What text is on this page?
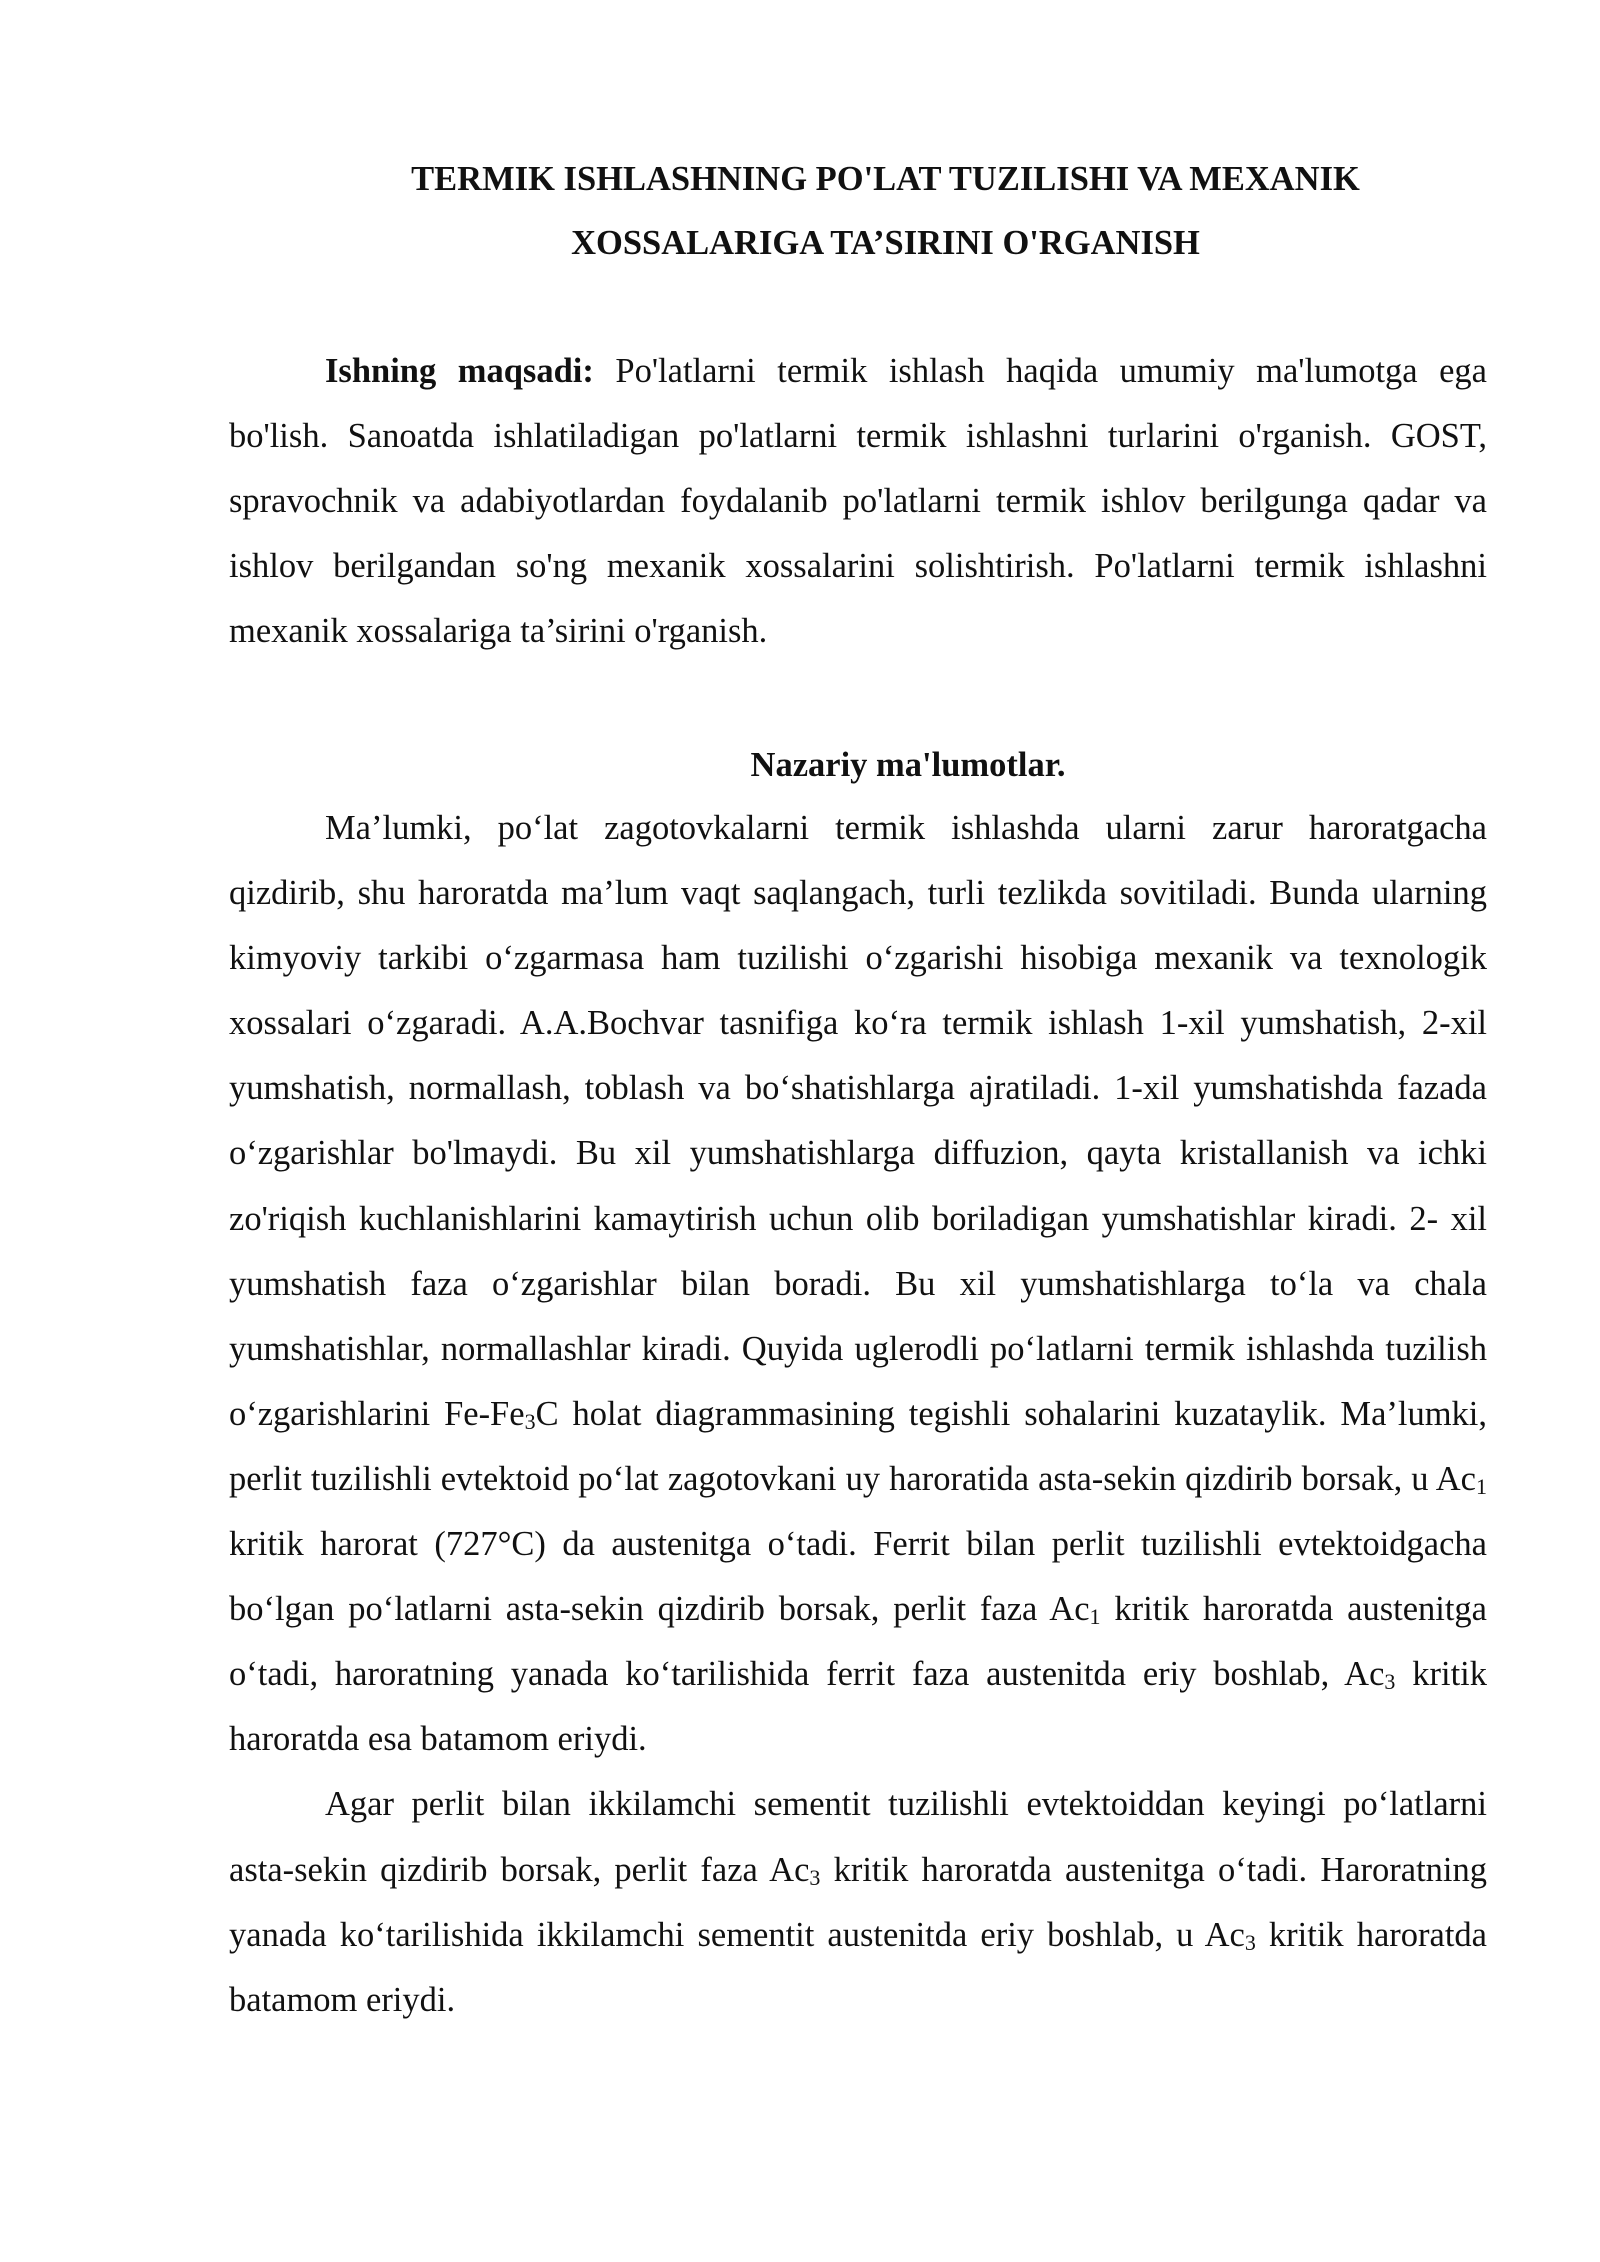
TERMIK ISHLASHNING PO'LAT TUZILISHI VA MEXANIK
XOSSALARIGA TA’SIRINI O'RGANISH

Ishning maqsadi: Po'latlarni termik ishlash haqida umumiy ma'lumotga ega bo'lish. Sanoatda ishlatiladigan po'latlarni termik ishlashni turlarini o'rganish. GOST, spravochnik va adabiyotlardan foydalanib po'latlarni termik ishlov berilgunga qadar va ishlov berilgandan so'ng mexanik xossalarini solishtirish. Po'latlarni termik ishlashni mexanik xossalariga ta’sirini o'rganish.

Nazariy ma'lumotlar.

Ma’lumki, po‘lat zagotovkalarni termik ishlashda ularni zarur haroratgacha qizdirib, shu haroratda ma’lum vaqt saqlangach, turli tezlikda sovitiladi. Bunda ularning kimyoviy tarkibi o‘zgarmasa ham tuzilishi o‘zgarishi hisobiga mexanik va texnologik xossalari o‘zgaradi. A.A.Bochvar tasnifiga ko‘ra termik ishlash 1-xil yumshatish, 2-xil yumshatish, normallash, toblash va bo‘shatishlarga ajratiladi. 1-xil yumshatishda fazada o‘zgarishlar bo'lmaydi. Bu xil yumshatishlarga diffuzion, qayta kristallanish va ichki zo'riqish kuchlanishlarini kamaytirish uchun olib boriladigan yumshatishlar kiradi. 2- xil yumshatish faza o‘zgarishlar bilan boradi. Bu xil yumshatishlarga to‘la va chala yumshatishlar, normallashlar kiradi. Quyida uglerodli po‘latlarni termik ishlashda tuzilish o‘zgarishlarini $Fe-Fe_3C$ holat diagrammasining tegishli sohalarini kuzataylik. Ma’lumki, perlit tuzilishli evtektoid po‘lat zagotovkani uy haroratida asta-sekin qizdirib borsak, u $Ac_1$ kritik harorat (727°C) da austenitga o‘tadi. Ferrit bilan perlit tuzilishli evtektoidgacha bo‘lgan po‘latlarni asta-sekin qizdirib borsak, perlit faza $Ac_1$ kritik haroratda austenitga o‘tadi, haroratning yanada ko‘tarilishida ferrit faza austenitda eriy boshlab, $Ac_3$ kritik haroratda esa batamom eriydi.

Agar perlit bilan ikkilamchi sementit tuzilishli evtektoiddan keyingi po‘latlarni asta-sekin qizdirib borsak, perlit faza $Ac_3$ kritik haroratda austenitga o‘tadi. Haroratning yanada ko‘tarilishida ikkilamchi sementit austenitda eriy boshlab, u $Ac_3$ kritik haroratda batamom eriydi.
